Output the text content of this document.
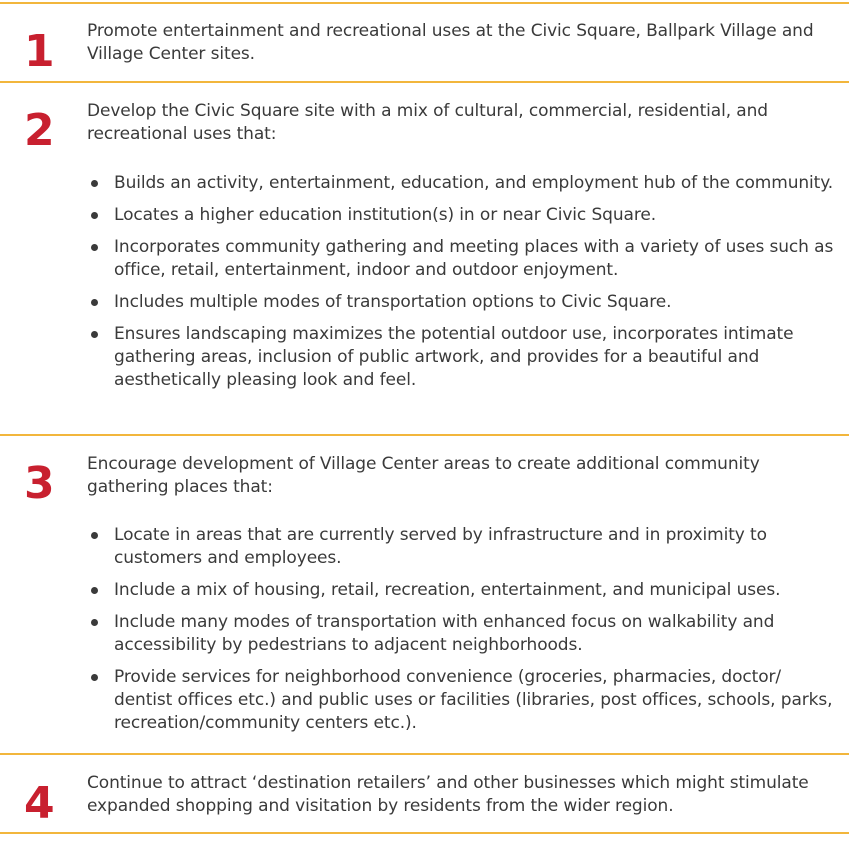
1 Promote entertainment and recreational uses at the Civic Square, Ballpark Village and Village Center sites.

2 Develop the Civic Square site with a mix of cultural, commercial, residential, and recreational uses that:

Builds an activity, entertainment, education, and employment hub of the community.
Locates a higher education institution(s) in or near Civic Square.
Incorporates community gathering and meeting places with a variety of uses such as office, retail, entertainment, indoor and outdoor enjoyment.
Includes multiple modes of transportation options to Civic Square.
Ensures landscaping maximizes the potential outdoor use, incorporates intimate gathering areas, inclusion of public artwork, and provides for a beautiful and aesthetically pleasing look and feel.
3 Encourage development of Village Center areas to create additional community gathering places that:

Locate in areas that are currently served by infrastructure and in proximity to customers and employees.
Include a mix of housing, retail, recreation, entertainment, and municipal uses.
Include many modes of transportation with enhanced focus on walkability and accessibility by pedestrians to adjacent neighborhoods.
Provide services for neighborhood convenience (groceries, pharmacies, doctor/ dentist offices etc.) and public uses or facilities (libraries, post offices, schools, parks, recreation/community centers etc.).
4 Continue to attract ‘destination retailers’ and other businesses which might stimulate expanded shopping and visitation by residents from the wider region.
